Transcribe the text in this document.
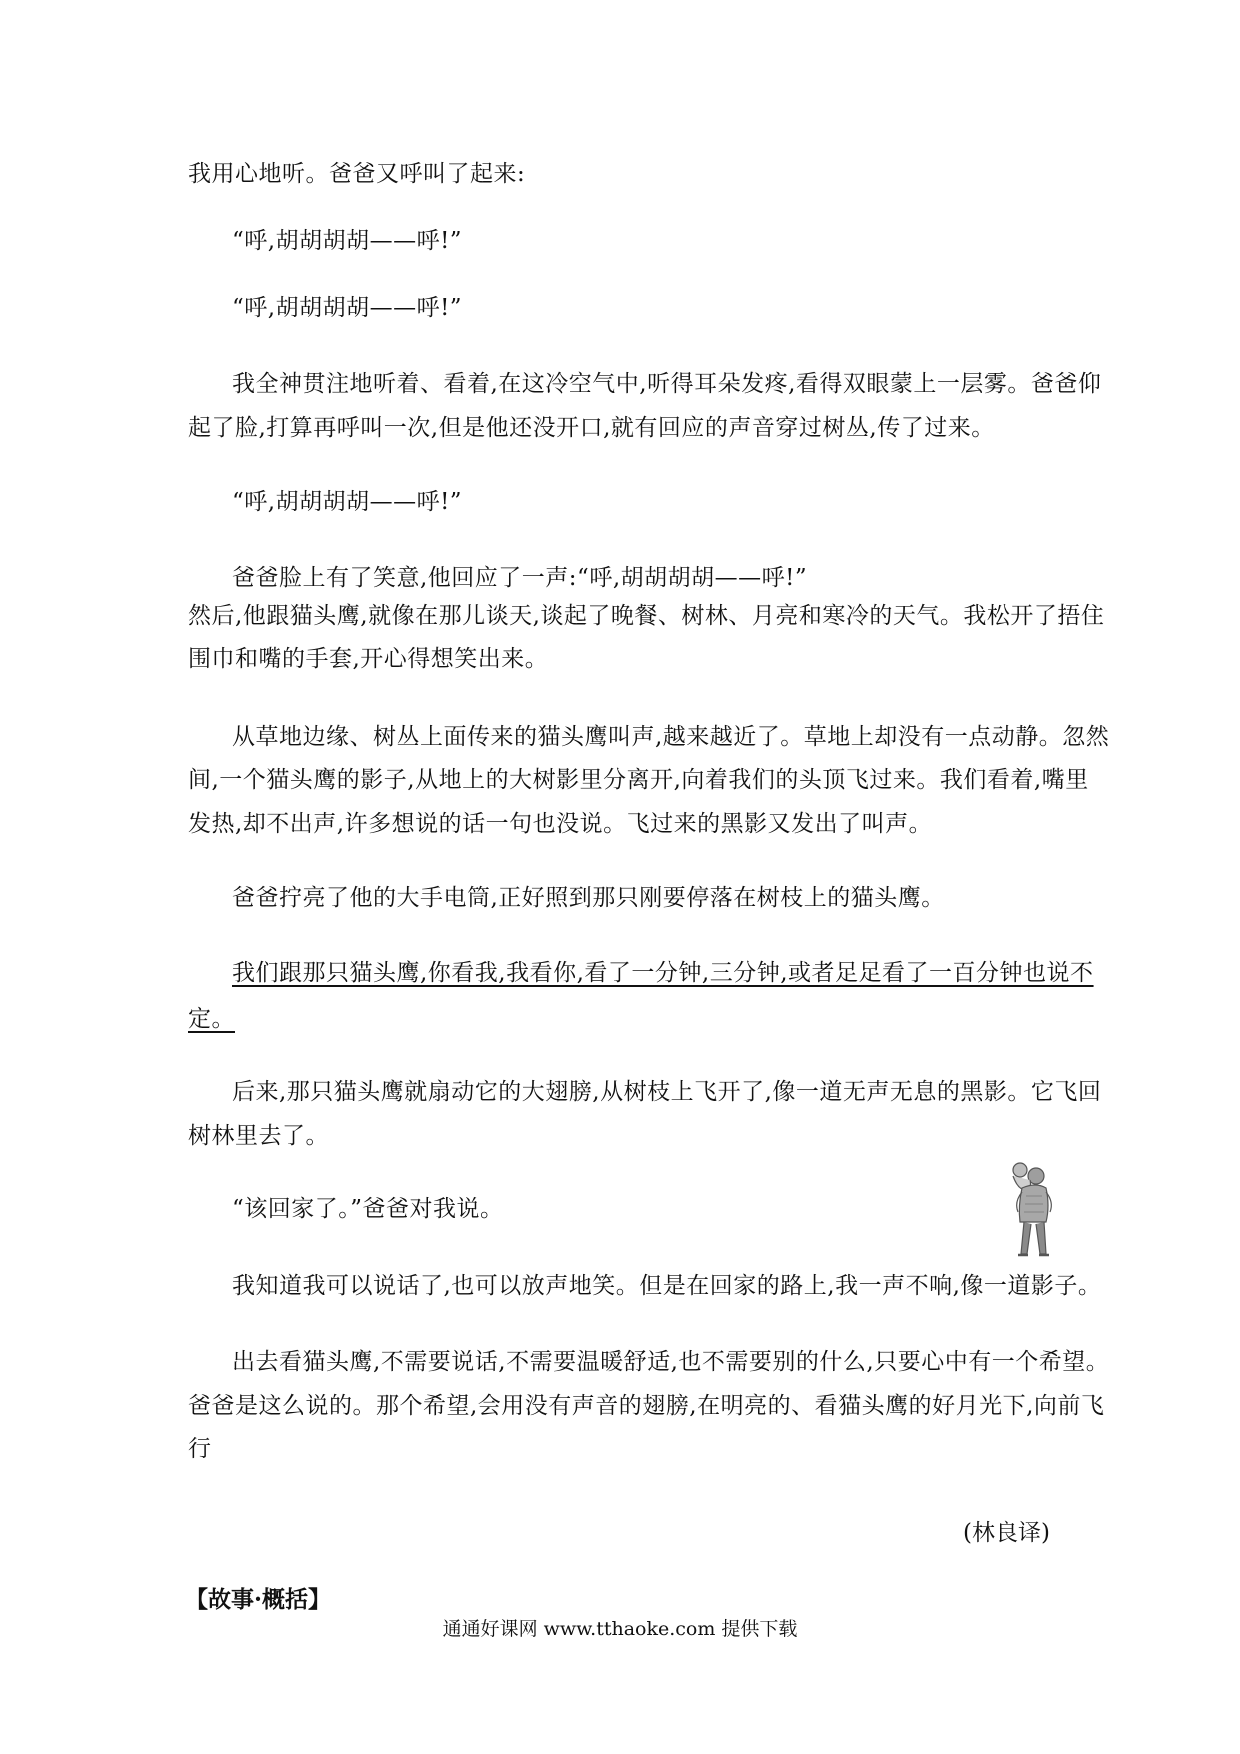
我用心地听。爸爸又呼叫了起来:
“呼,胡胡胡胡——呼!”
“呼,胡胡胡胡——呼!”
我全神贯注地听着、看着,在这冷空气中,听得耳朵发疼,看得双眼蒙上一层雾。爸爸仰
起了脸,打算再呼叫一次,但是他还没开口,就有回应的声音穿过树丛,传了过来。
“呼,胡胡胡胡——呼!”
爸爸脸上有了笑意,他回应了一声:“呼,胡胡胡胡——呼!”
然后,他跟猫头鹰,就像在那儿谈天,谈起了晚餐、树林、月亮和寒冷的天气。我松开了捂住
围巾和嘴的手套,开心得想笑出来。
从草地边缘、树丛上面传来的猫头鹰叫声,越来越近了。草地上却没有一点动静。忽然
间,一个猫头鹰的影子,从地上的大树影里分离开,向着我们的头顶飞过来。我们看着,嘴里
发热,却不出声,许多想说的话一句也没说。飞过来的黑影又发出了叫声。
爸爸拧亮了他的大手电筒,正好照到那只刚要停落在树枝上的猫头鹰。
我们跟那只猫头鹰,你看我,我看你,看了一分钟,三分钟,或者足足看了一百分钟也说不
定。
后来,那只猫头鹰就扇动它的大翅膀,从树枝上飞开了,像一道无声无息的黑影。它飞回
树林里去了。
“该回家了。”爸爸对我说。
我知道我可以说话了,也可以放声地笑。但是在回家的路上,我一声不响,像一道影子。
出去看猫头鹰,不需要说话,不需要温暖舒适,也不需要别的什么,只要心中有一个希望。
爸爸是这么说的。那个希望,会用没有声音的翅膀,在明亮的、看猫头鹰的好月光下,向前飞
行
(林良译)
【故事·概括】
通通好课网 www.tthaoke.com 提供下载
